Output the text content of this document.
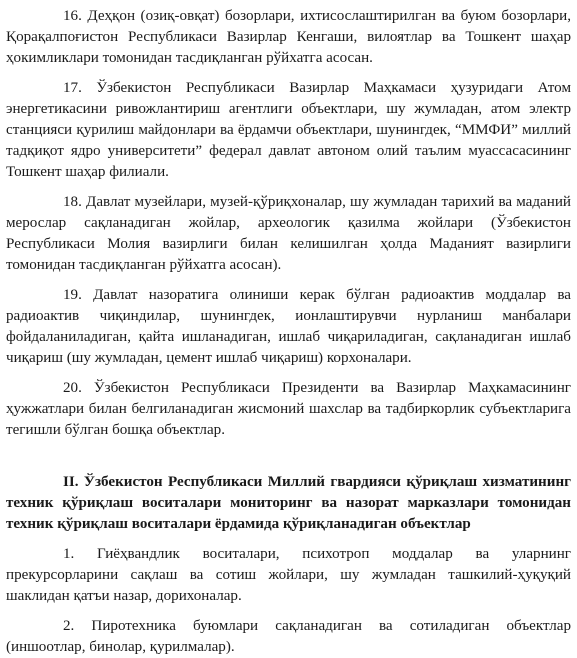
16. Деҳқон (озиқ-овқат) бозорлари, ихтисослаштирилган ва буюм бозорлари, Қорақалпоғистон Республикаси Вазирлар Кенгаши, вилоятлар ва Тошкент шаҳар ҳокимликлари томонидан тасдиқланган рўйхатга асосан.

17. Ўзбекистон Республикаси Вазирлар Маҳкамаси ҳузуридаги Атом энергетикасини ривожлантириш агентлиги объектлари, шу жумладан, атом электр станцияси қурилиш майдонлари ва ёрдамчи объектлари, шунингдек, “ММФИ” миллий тадқиқот ядро университети” федерал давлат автоном олий таълим муассасасининг Тошкент шаҳар филиали.

18. Давлат музейлари, музей-қўриқхоналар, шу жумладан тарихий ва маданий мерослар сақланадиган жойлар, археологик қазилма жойлари (Ўзбекистон Республикаси Молия вазирлиги билан келишилган ҳолда Маданият вазирлиги томонидан тасдиқланган рўйхатга асосан).

19. Давлат назоратига олиниши керак бўлган радиоактив моддалар ва радиоактив чиқиндилар, шунингдек, ионлаштирувчи нурланиш манбалари фойдаланиладиган, қайта ишланадиган, ишлаб чиқариладиган, сақланадиган ишлаб чиқариш (шу жумладан, цемент ишлаб чиқариш) корхоналари.

20. Ўзбекистон Республикаси Президенти ва Вазирлар Маҳкамасининг ҳужжатлари билан белгиланадиган жисмоний шахслар ва тадбиркорлик субъектларига тегишли бўлган бошқа объектлар.

II. Ўзбекистон Республикаси Миллий гвардияси қўриқлаш хизматининг техник қўриқлаш воситалари мониторинг ва назорат марказлари томонидан техник қўриқлаш воситалари ёрдамида қўриқланадиган объектлар

1. Гиёҳвандлик воситалари, психотроп моддалар ва уларнинг прекурсорларини сақлаш ва сотиш жойлари, шу жумладан ташкилий-ҳуқуқий шаклидан қатъи назар, дорихоналар.

2. Пиротехника буюмлари сақланадиган ва сотиладиган объектлар (иншоотлар, бинолар, қурилмалар).
